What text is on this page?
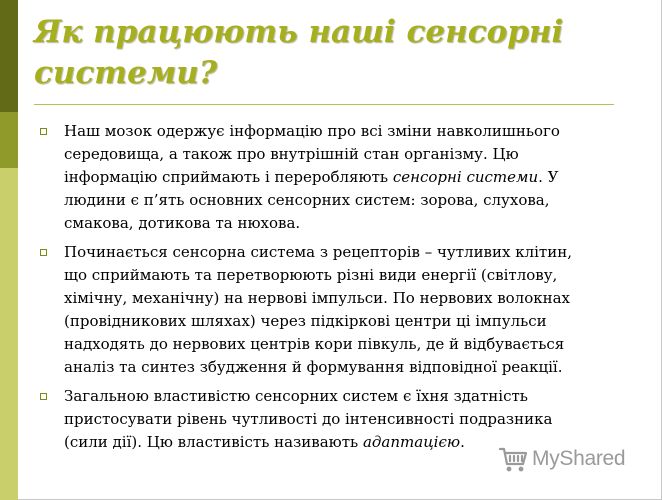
Як працюють наші сенсорні
системи?
Наш мозок одержує інформацію про всі зміни навколишнього
середовища, а також про внутрішній стан організму. Цю
інформацію сприймають і переробляють сенсорні системи. У
людини є п’ять основних сенсорних систем: зорова, слухова,
смакова, дотикова та нюхова.
Починається сенсорна система з рецепторів – чутливих клітин,
що сприймають та перетворюють різні види енергії (світлову,
хімічну, механічну) на нервові імпульси. По нервових волокнах
(провідникових шляхах) через підкіркові центри ці імпульси
надходять до нервових центрів кори півкуль, де й відбувається
аналіз та синтез збудження й формування відповідної реакції.
Загальною властивістю сенсорних систем є їхня здатність
пристосувати рівень чутливості до інтенсивності подразника
(сили дії). Цю властивість називають адаптацією.
MyShared
